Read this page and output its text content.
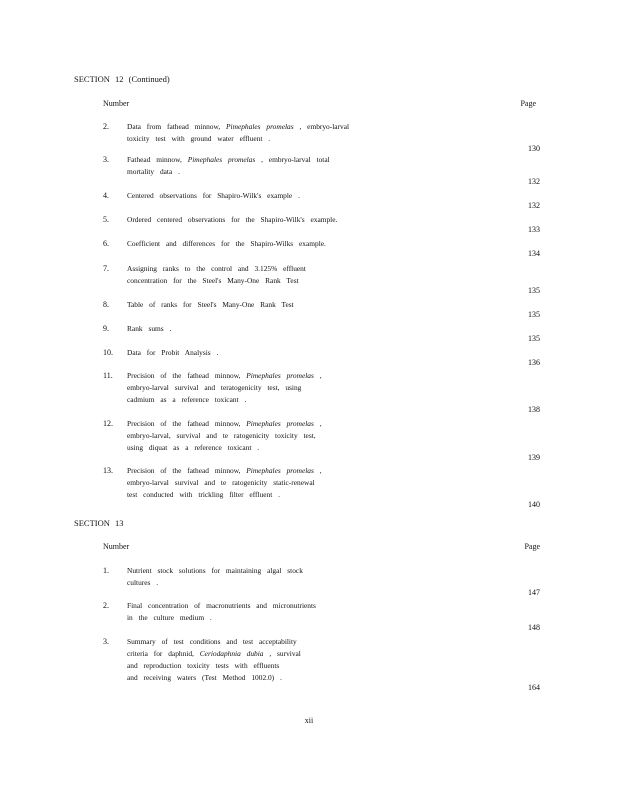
SECTION 12 (Continued)
Number	Page
2. Data from fathead minnow, Pimephales promelas , embryo-larval
toxicity test with ground water effluent .
130
3. Fathead minnow, Pimephales promelas , embryo-larval total
mortality data .
132
4. Centered observations for Shapiro-Wilk's example .
132
5. Ordered centered observations for the Shapiro-Wilk's example.
133
6. Coefficient and differences for the Shapiro-Wilks example.
134
7. Assigning ranks to the control and 3.125% effluent
concentration for the Steel's Many-One Rank Test
135
8. Table of ranks for Steel's Many-One Rank Test
135
9. Rank sums .
135
10. Data for Probit Analysis .
136
11. Precision of the fathead minnow, Pimephales promelas ,
embryo-larval survival and teratogenicity test, using
cadmium as a reference toxicant .
138
12. Precision of the fathead minnow, Pimephales promelas ,
embryo-larval, survival and te ratogenicity toxicity test,
using diquat as a reference toxicant .
139
13. Precision of the fathead minnow, Pimephales promelas ,
embryo-larval survival and te ratogenicity static-renewal
test conducted with trickling filter effluent .
140
SECTION 13
Number	Page
1. Nutrient stock solutions for maintaining algal stock
cultures .
147
2. Final concentration of macronutrients and micronutrients
in the culture medium .
148
3. Summary of test conditions and test acceptability
criteria for daphnid, Ceriodaphnia dubia , survival
and reproduction toxicity tests with effluents
and receiving waters (Test Method 1002.0) .
164
xii
